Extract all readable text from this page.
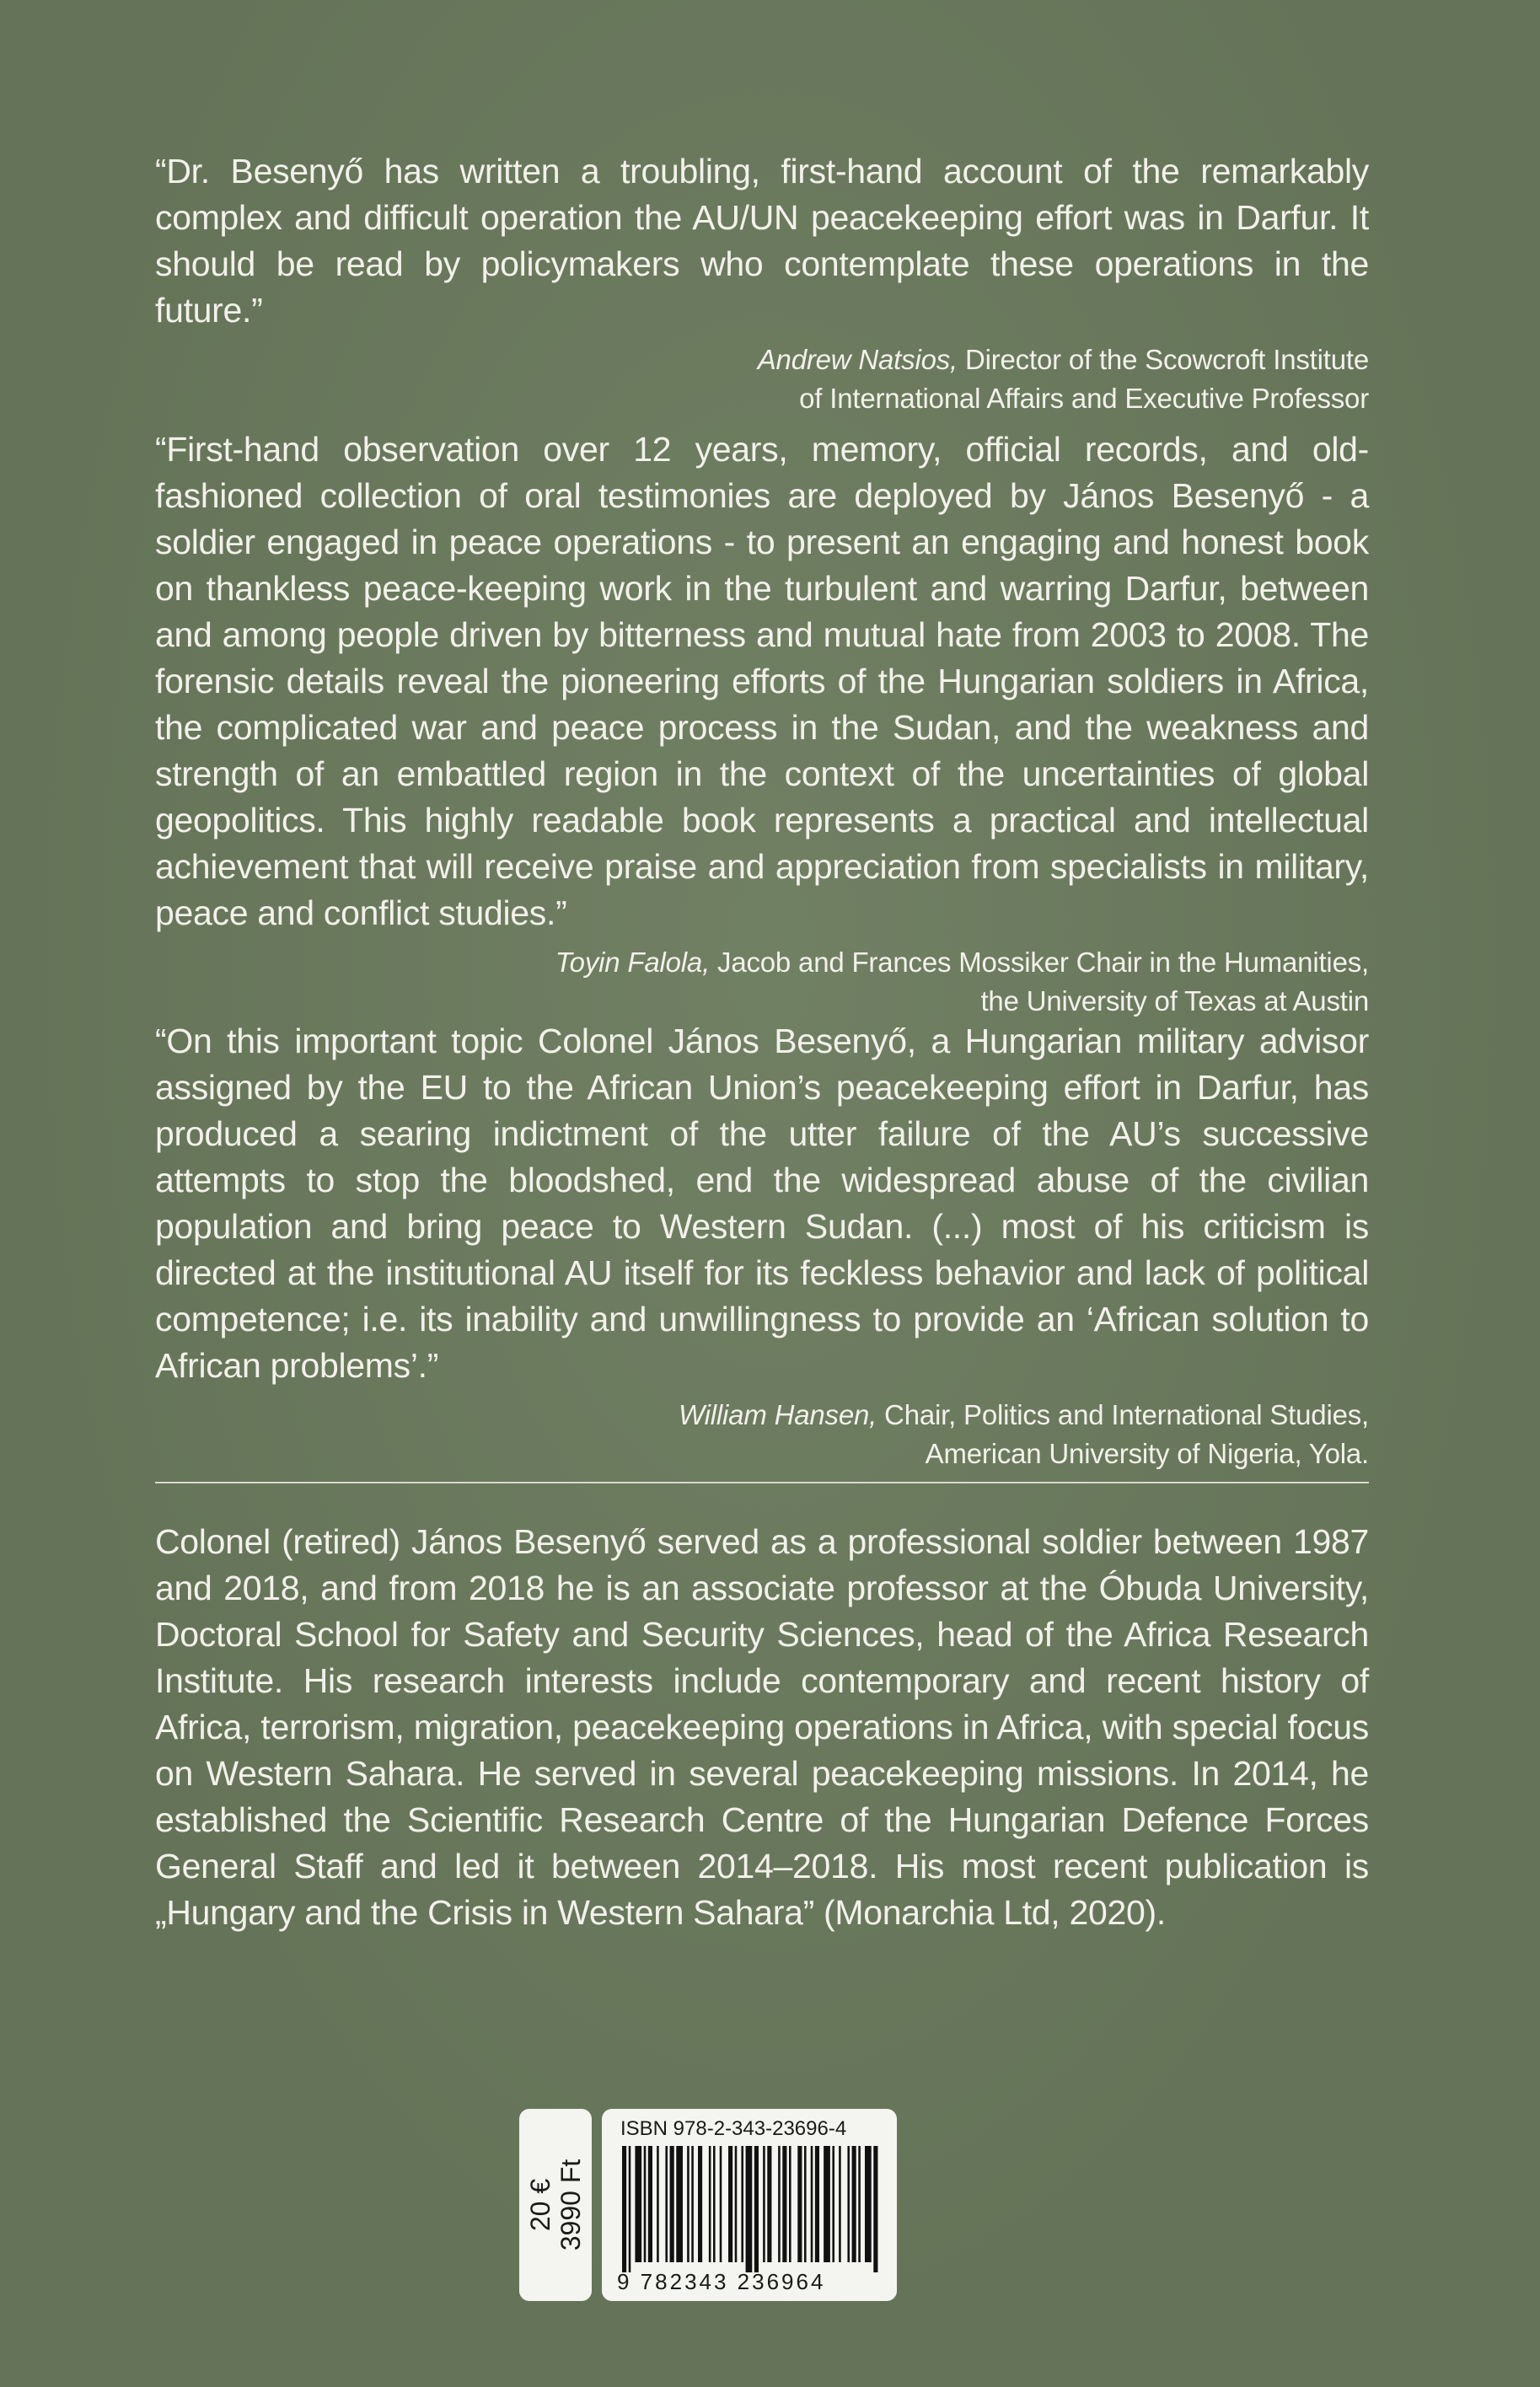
“Dr. Besenyő has written a troubling, first-hand account of the remarkably complex and difficult operation the AU/UN peacekeeping effort was in Darfur. It should be read by policymakers who contemplate these operations in the future.”

Andrew Natsios, Director of the Scowcroft Institute
of International Affairs and Executive Professor

“First-hand observation over 12 years, memory, official records, and old-fashioned collection of oral testimonies are deployed by János Besenyő - a soldier engaged in peace operations - to present an engaging and honest book on thankless peace-keeping work in the turbulent and warring Darfur, between and among people driven by bitterness and mutual hate from 2003 to 2008. The forensic details reveal the pioneering efforts of the Hungarian soldiers in Africa, the complicated war and peace process in the Sudan, and the weakness and strength of an embattled region in the context of the uncertainties of global geopolitics. This highly readable book represents a practical and intellectual achievement that will receive praise and appreciation from specialists in military, peace and conflict studies.”

Toyin Falola, Jacob and Frances Mossiker Chair in the Humanities,
the University of Texas at Austin

“On this important topic Colonel János Besenyő, a Hungarian military advisor assigned by the EU to the African Union’s peacekeeping effort in Darfur, has produced a searing indictment of the utter failure of the AU’s successive attempts to stop the bloodshed, end the widespread abuse of the civilian population and bring peace to Western Sudan. (...) most of his criticism is directed at the institutional AU itself for its feckless behavior and lack of political competence; i.e. its inability and unwillingness to provide an ‘African solution to African problems’.”

William Hansen, Chair, Politics and International Studies,
American University of Nigeria, Yola.

Colonel (retired) János Besenyő served as a professional soldier between 1987 and 2018, and from 2018 he is an associate professor at the Óbuda University, Doctoral School for Safety and Security Sciences, head of the Africa Research Institute. His research interests include contemporary and recent history of Africa, terrorism, migration, peacekeeping operations in Africa, with special focus on Western Sahara. He served in several peacekeeping missions. In 2014, he established the Scientific Research Centre of the Hungarian Defence Forces General Staff and led it between 2014–2018. His most recent publication is „Hungary and the Crisis in Western Sahara” (Monarchia Ltd, 2020).

20 € 3990 Ft
ISBN 978-2-343-23696-4
9 782343 236964
